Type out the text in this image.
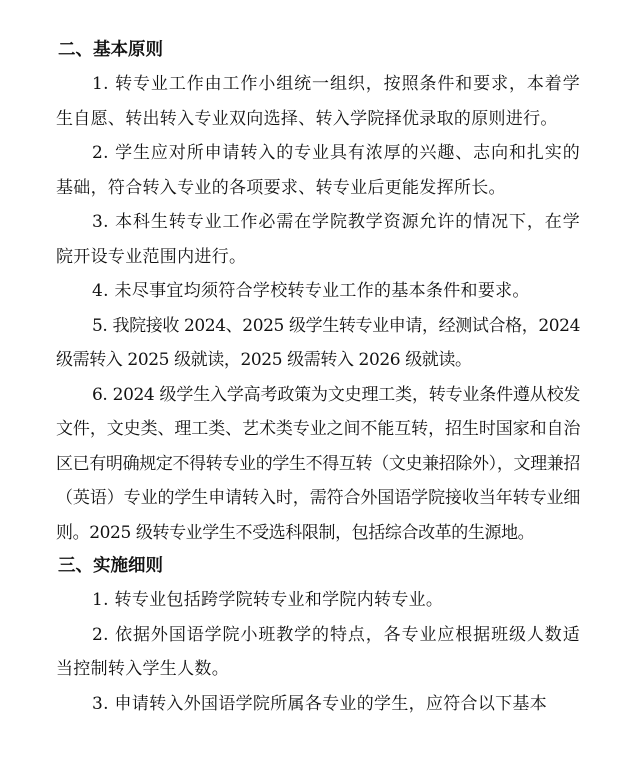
二、基本原则

1. 转专业工作由工作小组统一组织，按照条件和要求，本着学生自愿、转出转入专业双向选择、转入学院择优录取的原则进行。

2. 学生应对所申请转入的专业具有浓厚的兴趣、志向和扎实的基础，符合转入专业的各项要求、转专业后更能发挥所长。

3. 本科生转专业工作必需在学院教学资源允许的情况下，在学院开设专业范围内进行。

4. 未尽事宜均须符合学校转专业工作的基本条件和要求。

5. 我院接收 2024、2025 级学生转专业申请，经测试合格，2024 级需转入 2025 级就读，2025 级需转入 2026 级就读。

6. 2024 级学生入学高考政策为文史理工类，转专业条件遵从校发文件，文史类、理工类、艺术类专业之间不能互转，招生时国家和自治区已有明确规定不得转专业的学生不得互转（文史兼招除外），文理兼招（英语）专业的学生申请转入时，需符合外国语学院接收当年转专业细则。2025 级转专业学生不受选科限制，包括综合改革的生源地。

三、实施细则

1. 转专业包括跨学院转专业和学院内转专业。

2. 依据外国语学院小班教学的特点，各专业应根据班级人数适当控制转入学生人数。

3. 申请转入外国语学院所属各专业的学生，应符合以下基本
